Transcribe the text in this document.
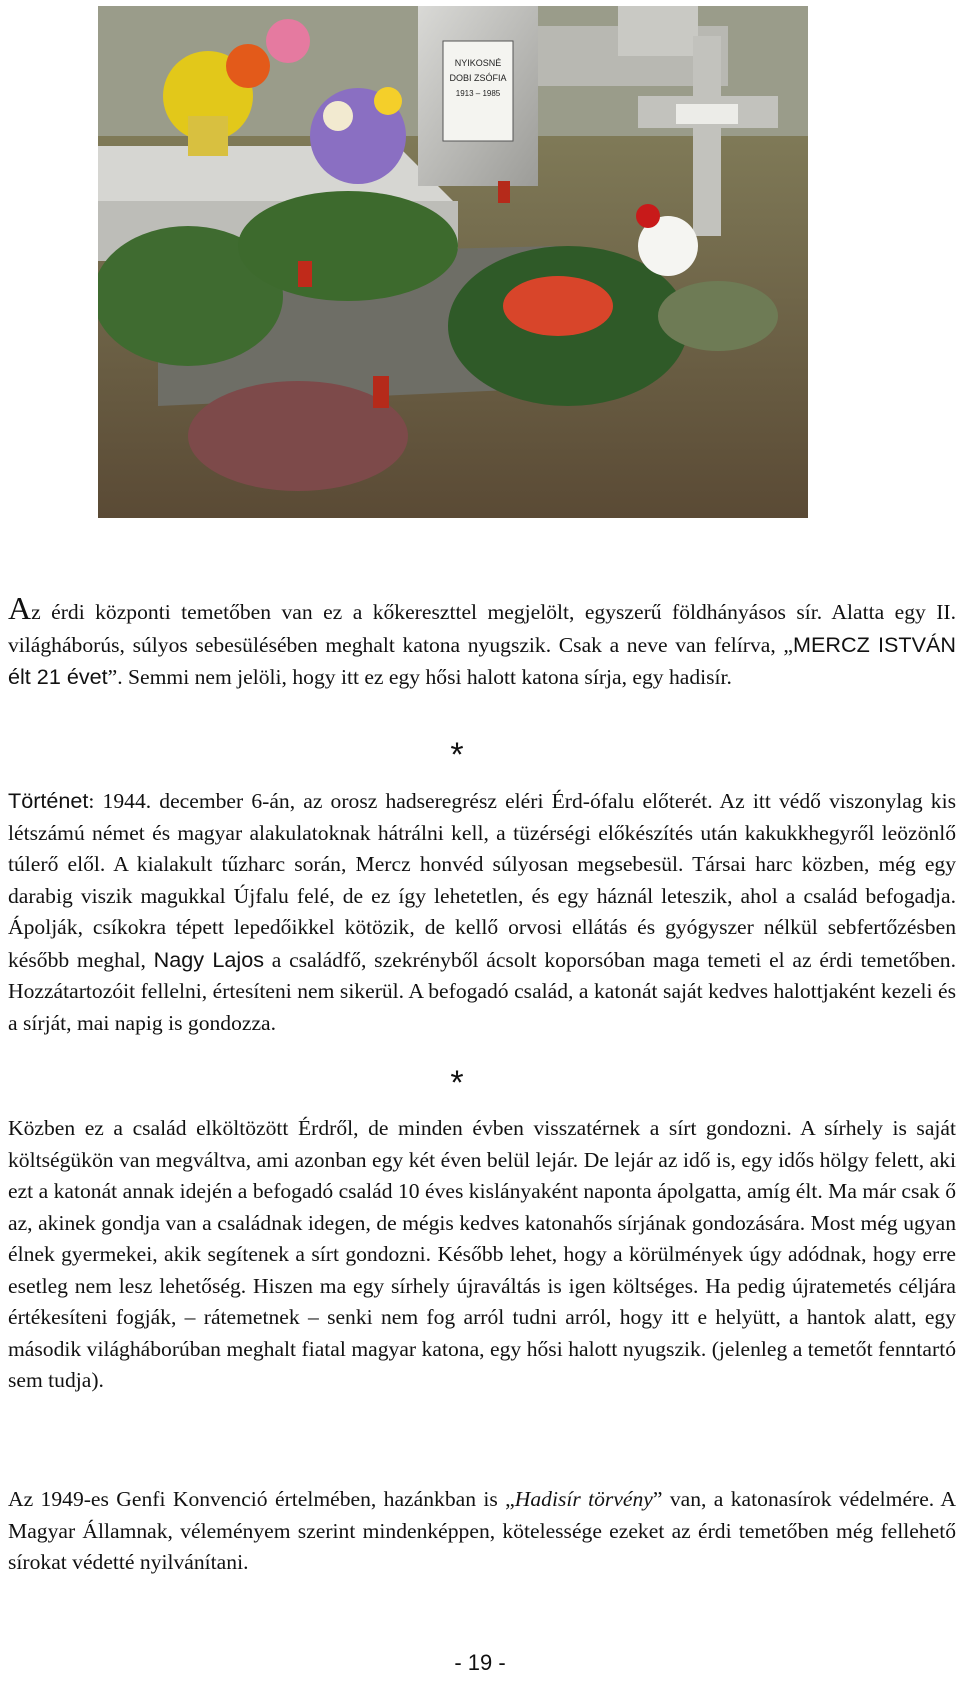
NYIKOSNÉ
DOBI ZSÓFIA
1913 – 1985

Az érdi központi temetőben van ez a kőkereszttel megjelölt, egyszerű földhányásos sír. Alatta egy II. világháborús, súlyos sebesülésében meghalt katona nyugszik. Csak a neve van felírva, „MERCZ ISTVÁN élt 21 évet”. Semmi nem jelöli, hogy itt ez egy hősi halott katona sírja, egy hadisír.

*

Történet: 1944. december 6-án, az orosz hadseregrész eléri Érd-ófalu előterét. Az itt védő viszonylag kis létszámú német és magyar alakulatoknak hátrálni kell, a tüzérségi előkészítés után kakukkhegyről leözönlő túlerő elől. A kialakult tűzharc során, Mercz honvéd súlyosan megsebesül. Társai harc közben, még egy darabig viszik magukkal Újfalu felé, de ez így lehetetlen, és egy háznál leteszik, ahol a család befogadja. Ápolják, csíkokra tépett lepedőikkel kötözik, de kellő orvosi ellátás és gyógyszer nélkül sebfertőzésben később meghal, Nagy Lajos a családfő, szekrényből ácsolt koporsóban maga temeti el az érdi temetőben. Hozzátartozóit fellelni, értesíteni nem sikerül. A befogadó család, a katonát saját kedves halottjaként kezeli és a sírját, mai napig is gondozza.

*

Közben ez a család elköltözött Érdről, de minden évben visszatérnek a sírt gondozni. A sírhely is saját költségükön van megváltva, ami azonban egy két éven belül lejár. De lejár az idő is, egy idős hölgy felett, aki ezt a katonát annak idején a befogadó család 10 éves kislányaként naponta ápolgatta, amíg élt. Ma már csak ő az, akinek gondja van a családnak idegen, de mégis kedves katonahős sírjának gondozására. Most még ugyan élnek gyermekei, akik segítenek a sírt gondozni. Később lehet, hogy a körülmények úgy adódnak, hogy erre esetleg nem lesz lehetőség. Hiszen ma egy sírhely újraváltás is igen költséges. Ha pedig újratemetés céljára értékesíteni fogják, – rátemetnek – senki nem fog arról tudni arról, hogy itt e helyütt, a hantok alatt, egy második világháborúban meghalt fiatal magyar katona, egy hősi halott nyugszik. (jelenleg a temetőt fenntartó sem tudja).

Az 1949-es Genfi Konvenció értelmében, hazánkban is „Hadisír törvény” van, a katonasírok védelmére. A Magyar Államnak, véleményem szerint mindenképpen, kötelessége ezeket az érdi temetőben még fellehető sírokat védetté nyilvánítani.

- 19 -
